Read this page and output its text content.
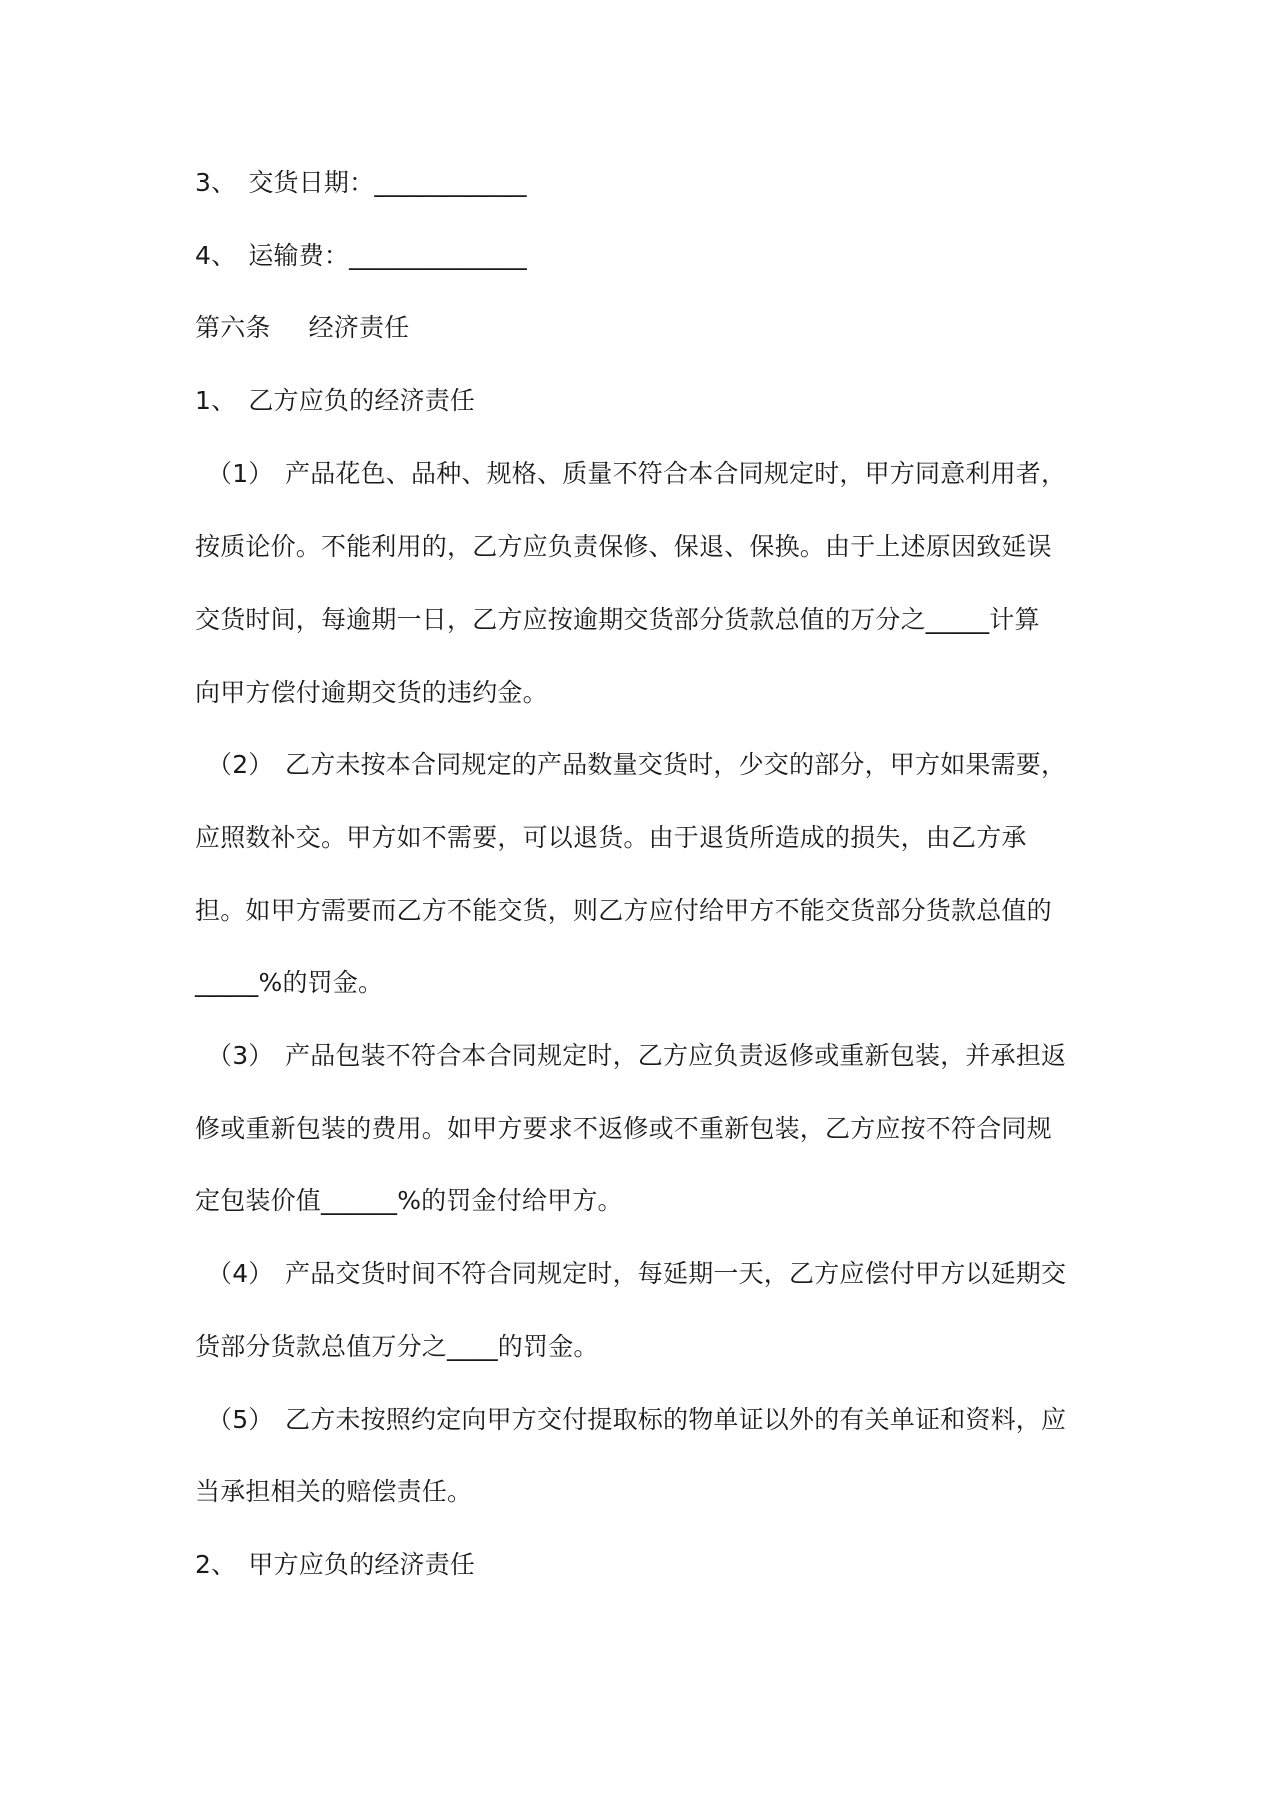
3、 交货日期：____________

4、 运输费：______________

第六条 经济责任

1、 乙方应负的经济责任

（1） 产品花色、品种、规格、质量不符合本合同规定时，甲方同意利用者，

按质论价。不能利用的，乙方应负责保修、保退、保换。由于上述原因致延误

交货时间，每逾期一日，乙方应按逾期交货部分货款总值的万分之_____计算

向甲方偿付逾期交货的违约金。

（2） 乙方未按本合同规定的产品数量交货时，少交的部分，甲方如果需要，

应照数补交。甲方如不需要，可以退货。由于退货所造成的损失，由乙方承

担。如甲方需要而乙方不能交货，则乙方应付给甲方不能交货部分货款总值的

_____%的罚金。

（3） 产品包装不符合本合同规定时，乙方应负责返修或重新包装，并承担返

修或重新包装的费用。如甲方要求不返修或不重新包装，乙方应按不符合同规

定包装价值______%的罚金付给甲方。

（4） 产品交货时间不符合同规定时，每延期一天，乙方应偿付甲方以延期交

货部分货款总值万分之____的罚金。

（5） 乙方未按照约定向甲方交付提取标的物单证以外的有关单证和资料，应

当承担相关的赔偿责任。

2、 甲方应负的经济责任
